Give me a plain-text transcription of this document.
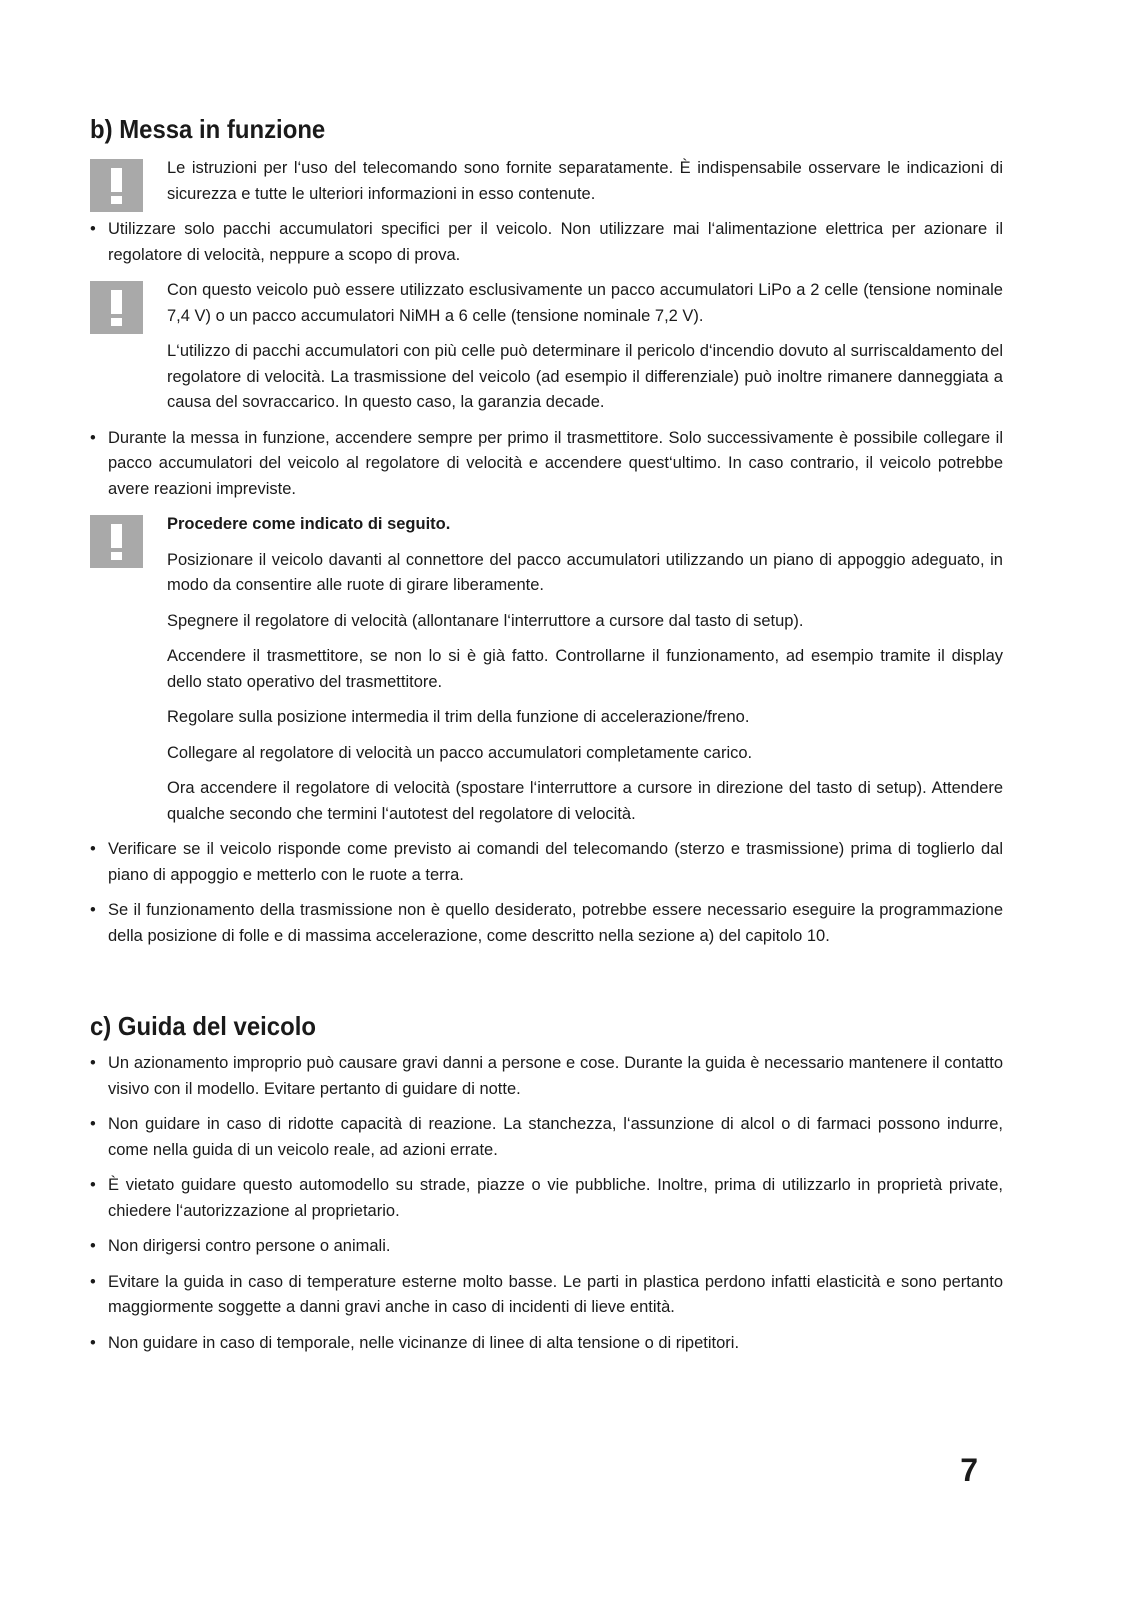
b) Messa in funzione

Le istruzioni per l‘uso del telecomando sono fornite separatamente. È indispensabile osservare le indicazioni di sicurezza e tutte le ulteriori informazioni in esso contenute.

• Utilizzare solo pacchi accumulatori specifici per il veicolo. Non utilizzare mai l‘alimentazione elettrica per azionare il regolatore di velocità, neppure a scopo di prova.

Con questo veicolo può essere utilizzato esclusivamente un pacco accumulatori LiPo a 2 celle (tensione nominale 7,4 V) o un pacco accumulatori NiMH a 6 celle (tensione nominale 7,2 V).

L‘utilizzo di pacchi accumulatori con più celle può determinare il pericolo d‘incendio dovuto al surriscaldamento del regolatore di velocità. La trasmissione del veicolo (ad esempio il differenziale) può inoltre rimanere danneggiata a causa del sovraccarico. In questo caso, la garanzia decade.

• Durante la messa in funzione, accendere sempre per primo il trasmettitore. Solo successivamente è possibile collegare il pacco accumulatori del veicolo al regolatore di velocità e accendere quest‘ultimo. In caso contrario, il veicolo potrebbe avere reazioni impreviste.

Procedere come indicato di seguito.

Posizionare il veicolo davanti al connettore del pacco accumulatori utilizzando un piano di appoggio adeguato, in modo da consentire alle ruote di girare liberamente.

Spegnere il regolatore di velocità (allontanare l‘interruttore a cursore dal tasto di setup).

Accendere il trasmettitore, se non lo si è già fatto. Controllarne il funzionamento, ad esempio tramite il display dello stato operativo del trasmettitore.

Regolare sulla posizione intermedia il trim della funzione di accelerazione/freno.

Collegare al regolatore di velocità un pacco accumulatori completamente carico.

Ora accendere il regolatore di velocità (spostare l‘interruttore a cursore in direzione del tasto di setup). Attendere qualche secondo che termini l‘autotest del regolatore di velocità.

• Verificare se il veicolo risponde come previsto ai comandi del telecomando (sterzo e trasmissione) prima di toglierlo dal piano di appoggio e metterlo con le ruote a terra.

• Se il funzionamento della trasmissione non è quello desiderato, potrebbe essere necessario eseguire la programmazione della posizione di folle e di massima accelerazione, come descritto nella sezione a) del capitolo 10.

c) Guida del veicolo

• Un azionamento improprio può causare gravi danni a persone e cose. Durante la guida è necessario mantenere il contatto visivo con il modello. Evitare pertanto di guidare di notte.

• Non guidare in caso di ridotte capacità di reazione. La stanchezza, l‘assunzione di alcol o di farmaci possono indurre, come nella guida di un veicolo reale, ad azioni errate.

• È vietato guidare questo automodello su strade, piazze o vie pubbliche. Inoltre, prima di utilizzarlo in proprietà private, chiedere l‘autorizzazione al proprietario.

• Non dirigersi contro persone o animali.

• Evitare la guida in caso di temperature esterne molto basse. Le parti in plastica perdono infatti elasticità e sono pertanto maggiormente soggette a danni gravi anche in caso di incidenti di lieve entità.

• Non guidare in caso di temporale, nelle vicinanze di linee di alta tensione o di ripetitori.

7
